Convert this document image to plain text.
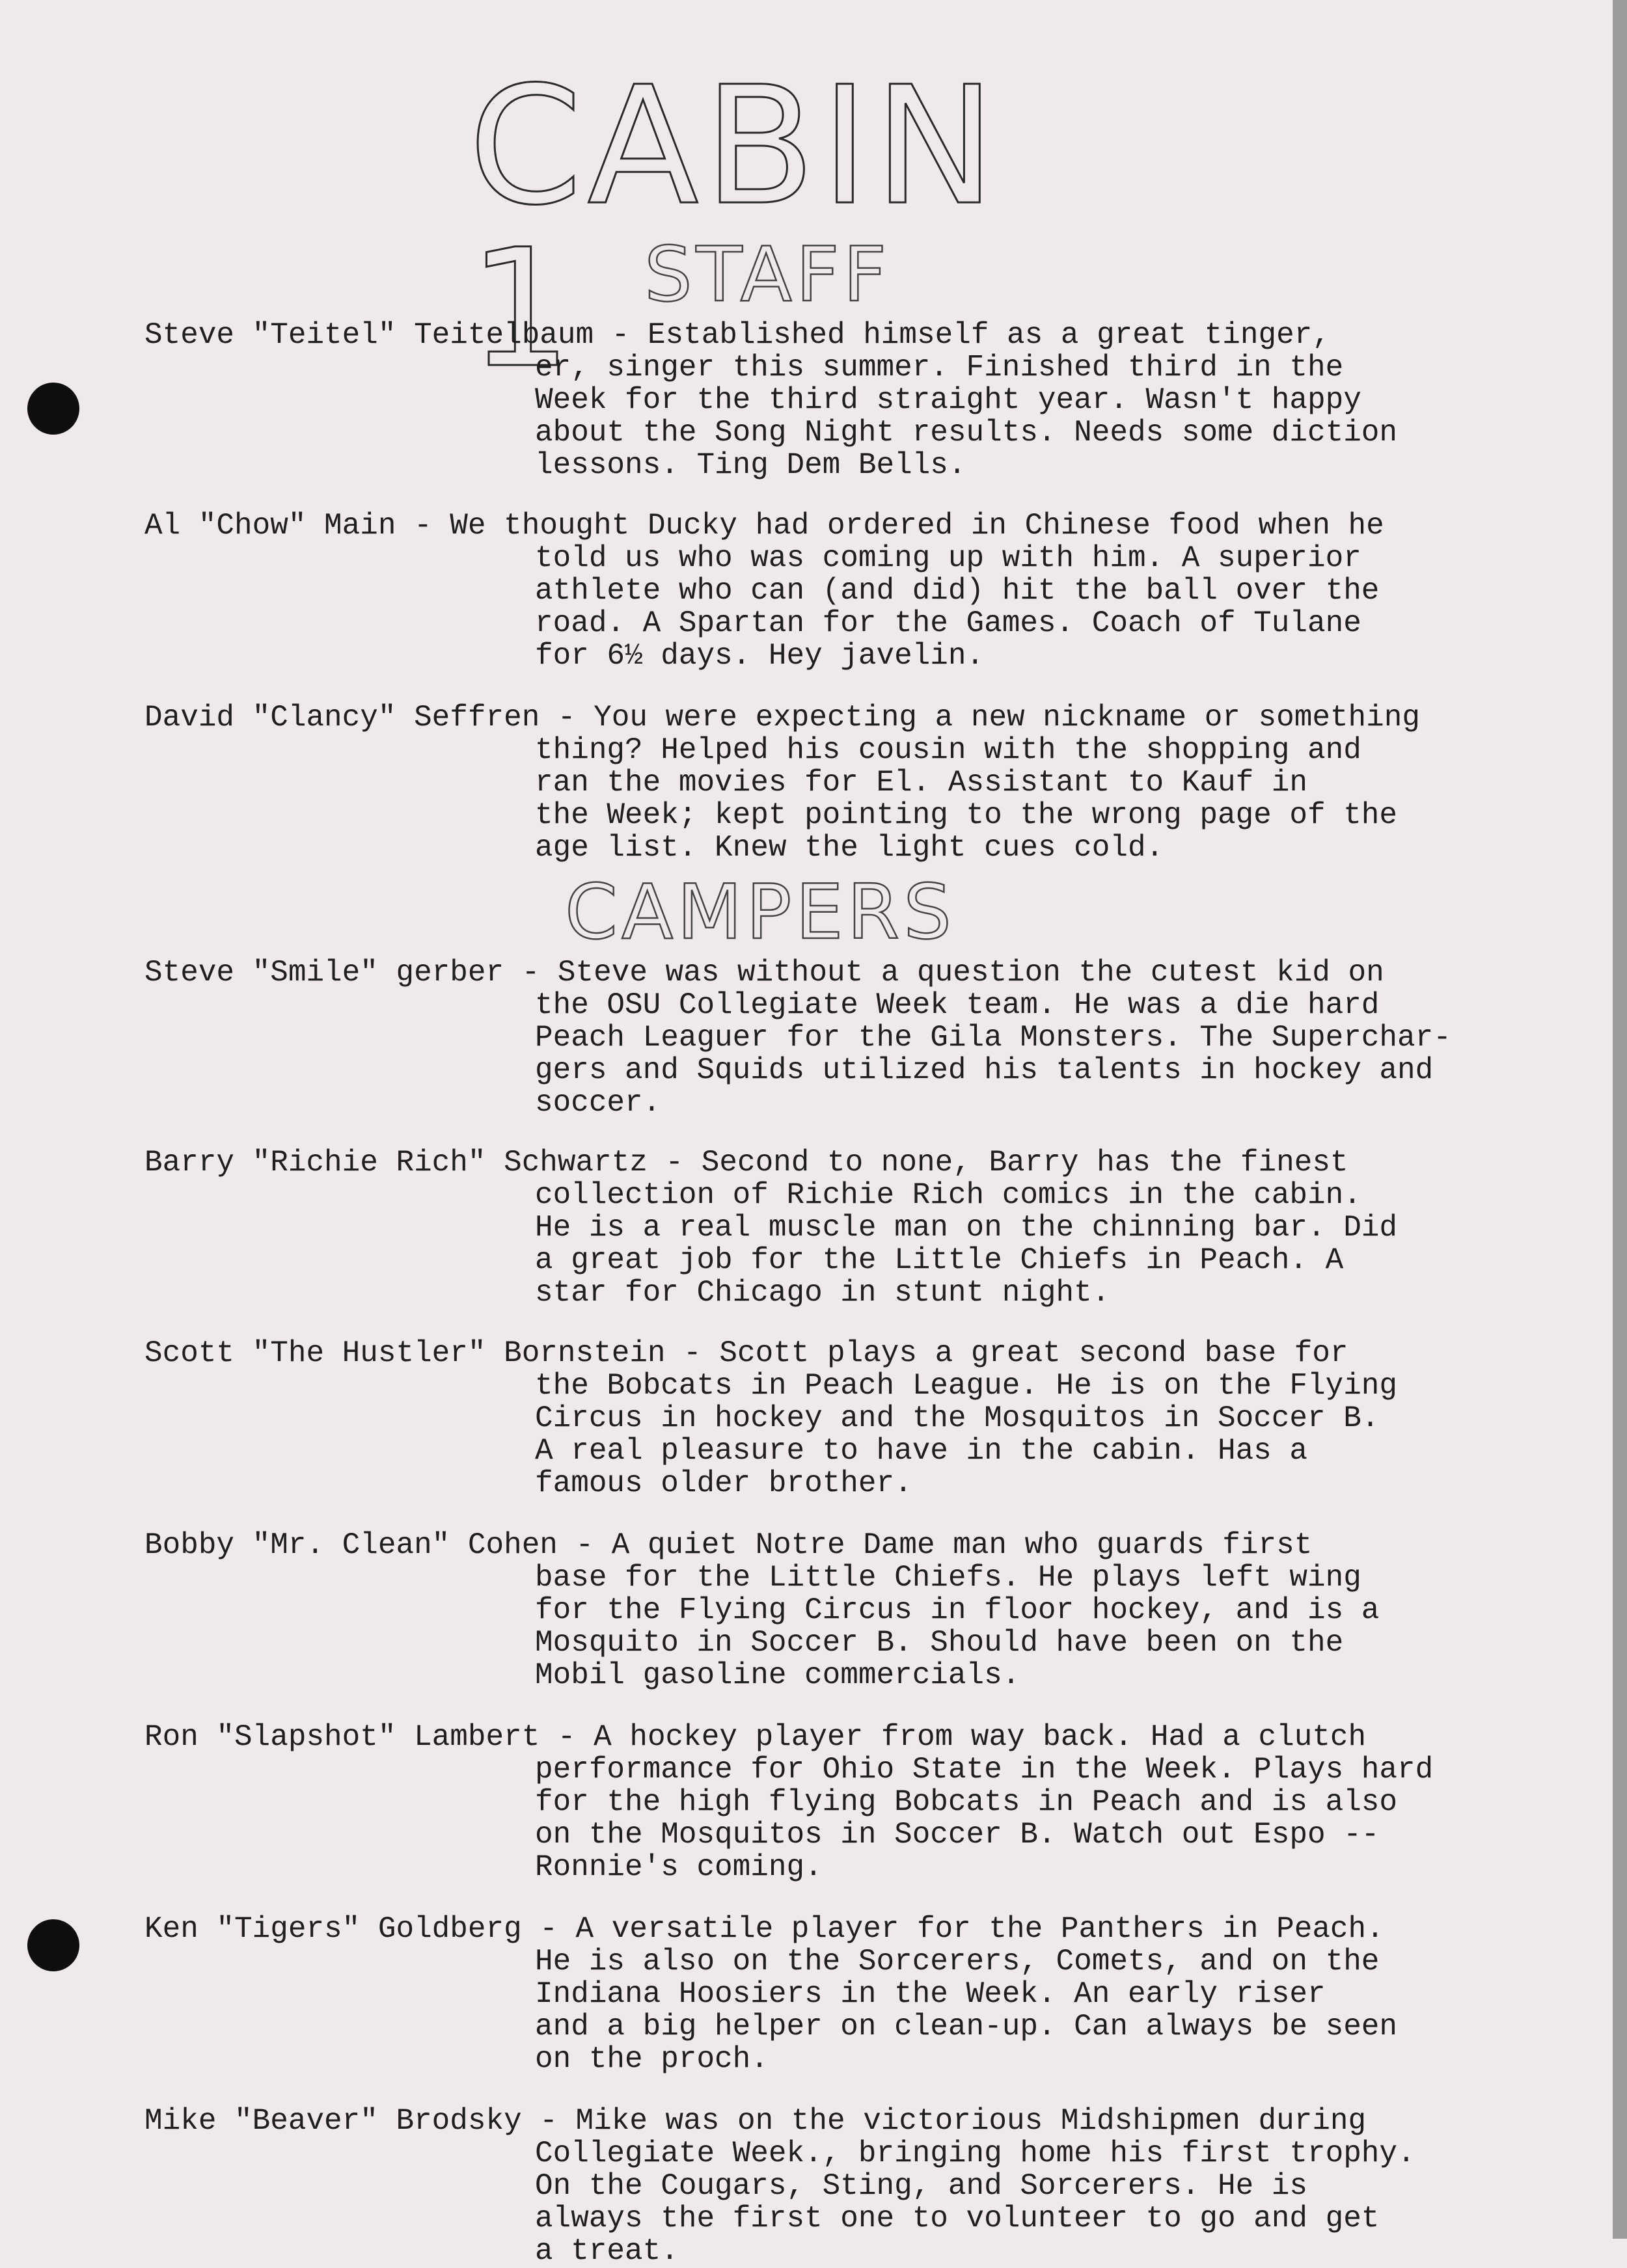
CABIN 1 STAFF
CAMPERS
Steve "Teitel" Teitelbaum - Established himself as a great tinger,
er, singer this summer. Finished third in the
Week for the third straight year. Wasn't happy
about the Song Night results. Needs some diction
lessons. Ting Dem Bells.
Al "Chow" Main - We thought Ducky had ordered in Chinese food when he
told us who was coming up with him. A superior
athlete who can (and did) hit the ball over the
road. A Spartan for the Games. Coach of Tulane
for 6½ days. Hey javelin.
David "Clancy" Seffren - You were expecting a new nickname or something
thing? Helped his cousin with the shopping and
ran the movies for El. Assistant to Kauf in
the Week; kept pointing to the wrong page of the
age list. Knew the light cues cold.
Steve "Smile" gerber - Steve was without a question the cutest kid on
the OSU Collegiate Week team. He was a die hard
Peach Leaguer for the Gila Monsters. The Superchar-
gers and Squids utilized his talents in hockey and
soccer.
Barry "Richie Rich" Schwartz - Second to none, Barry has the finest
collection of Richie Rich comics in the cabin.
He is a real muscle man on the chinning bar. Did
a great job for the Little Chiefs in Peach. A
star for Chicago in stunt night.
Scott "The Hustler" Bornstein - Scott plays a great second base for
the Bobcats in Peach League. He is on the Flying
Circus in hockey and the Mosquitos in Soccer B.
A real pleasure to have in the cabin. Has a
famous older brother.
Bobby "Mr. Clean" Cohen - A quiet Notre Dame man who guards first
base for the Little Chiefs. He plays left wing
for the Flying Circus in floor hockey, and is a
Mosquito in Soccer B. Should have been on the
Mobil gasoline commercials.
Ron "Slapshot" Lambert - A hockey player from way back. Had a clutch
performance for Ohio State in the Week. Plays hard
for the high flying Bobcats in Peach and is also
on the Mosquitos in Soccer B. Watch out Espo --
Ronnie's coming.
Ken "Tigers" Goldberg - A versatile player for the Panthers in Peach.
He is also on the Sorcerers, Comets, and on the
Indiana Hoosiers in the Week. An early riser
and a big helper on clean-up. Can always be seen
on the proch.
Mike "Beaver" Brodsky - Mike was on the victorious Midshipmen during
Collegiate Week., bringing home his first trophy.
On the Cougars, Sting, and Sorcerers. He is
always the first one to volunteer to go and get
a treat.
